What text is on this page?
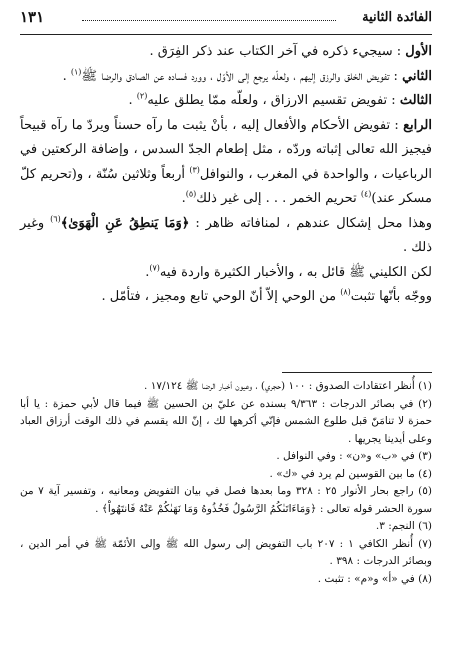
الفائدة الثانية
١٣١

الأول : سيجيء ذكره في آخر الكتاب عند ذكر الفِرَق .

الثاني : تفويض الخلق والرزق إليهم ، ولعلّه يرجع إلى الأوّل ، وورد فساده عن الصادق والرضا ﷺ$^{(١)}$ .

الثالث : تفويض تقسيم الارزاق ، ولعلّه ممّا يطلق عليه$^{(٢)}$ .

الرابع : تفويض الأحكام والأفعال إليه ، بأنْ يثبت ما رآه حسناً ويردّ ما رآه قبيحاً فيجيز الله تعالى إثباته وردّه ، مثل إطعام الجدّ السدس ، وإضافة الركعتين في الرباعيات ، والواحدة في المغرب ، والنوافل$^{(٣)}$ أربعاً وثلاثين سُنّة ، و(تحريم كلّ مسكر عند)$^{(٤)}$ تحريم الخمر . . . إلى غير ذلك$^{(٥)}$.

وهذا محل إشكال عندهم ، لمنافاته ظاهر : ﴿وَمَا يَنطِقُ عَنِ الْهَوَىٰ﴾$^{(٦)}$ وغير ذلك .

لكن الكليني ﷺ قائل به ، والأخبار الكثيرة واردة فيه$^{(٧)}$.

ووجّه بأنّها تثبت$^{(٨)}$ من الوحي إلاّ أنّ الوحي تابع ومجيز ، فتأمّل .

(١) أُنظر اعتقادات الصدوق : ١٠٠ (حجري) ، وعيون أخبار الرضا ﷺ ١٧/١٢٤ .

(٢) في بصائر الدرجات : ٩/٣٦٣ بسنده عن عليّ بن الحسين ﷺ فيما قال لأبي حمزة : يا أبا حمزة لا تنامَنّ قبل طلوع الشمس فإنّي أكرهها لك ، إنّ الله يقسم في ذلك الوقت أرزاق العباد وعلى أيدينا يجريها .

(٣) في «ب» و«ن» : وفي النوافل .

(٤) ما بين القوسين لم يرد في «ك» .

(٥) راجع بحار الأنوار ٢٥ : ٣٢٨ وما بعدها فصل في بيان التفويض ومعانيه ، وتفسير آية ٧ من سورة الحشر قوله تعالى : ﴿وَمَاءَاتَىٰكُمُ الرَّسُولُ فَخُذُوهُ وَمَا نَهَىٰكُمْ عَنْهُ فَانتَهُواْ﴾ .

(٦) النجم: ٣.

(٧) أُنظر الكافي ١ : ٢٠٧ باب التفويض إلى رسول الله ﷺ وإلى الأئمّة ﷺ في أمر الدين ، وبصائر الدرجات : ٣٩٨ .

(٨) في «أ» و«م» : تثبت .
